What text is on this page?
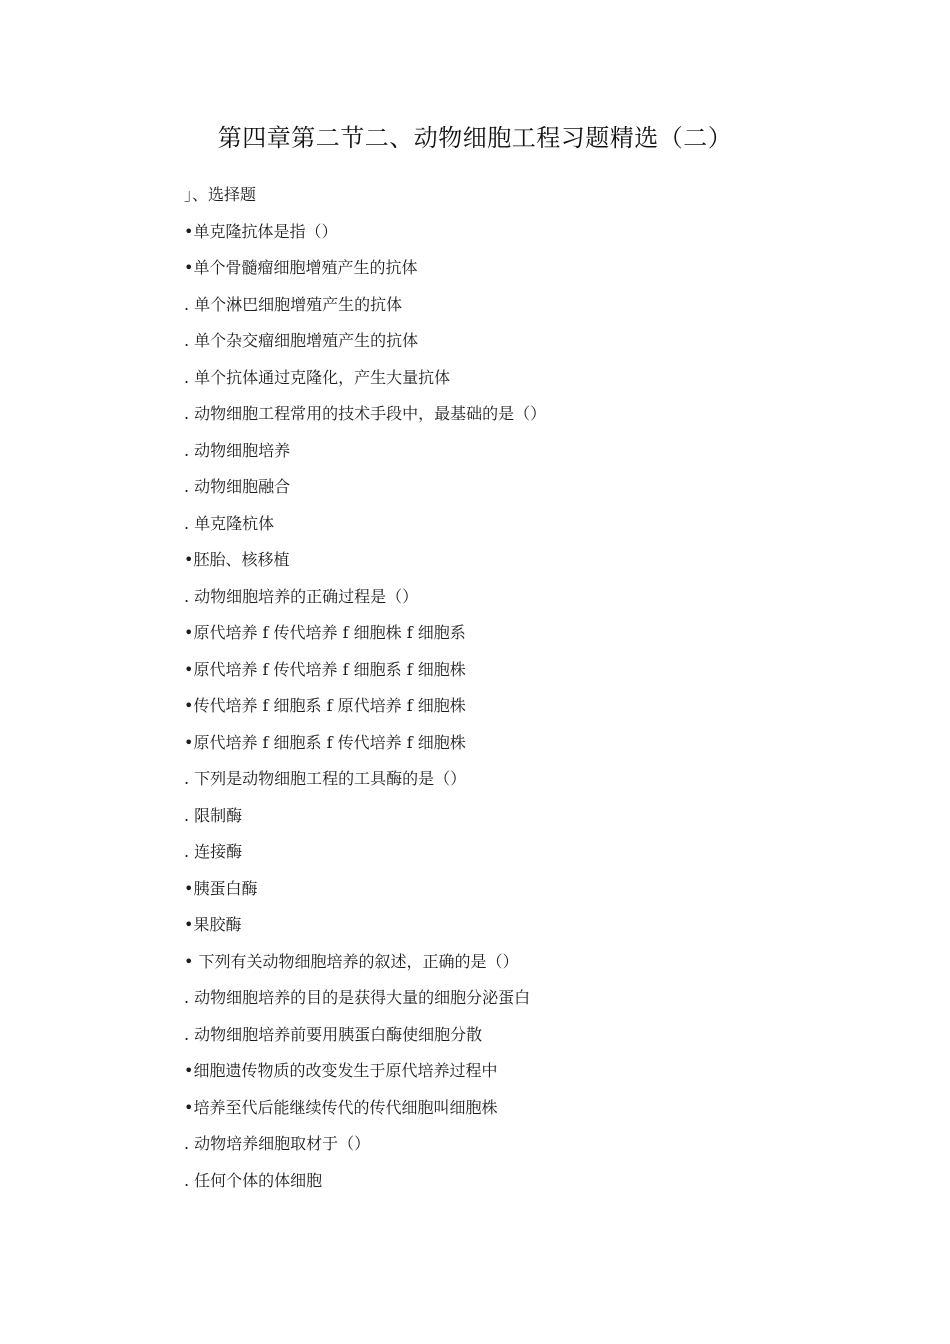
第四章第二节二、动物细胞工程习题精选（二）
」、选择题
•单克隆抗体是指（）
•单个骨髓瘤细胞增殖产生的抗体
. 单个淋巴细胞增殖产生的抗体
. 单个杂交瘤细胞增殖产生的抗体
. 单个抗体通过克隆化，产生大量抗体
. 动物细胞工程常用的技术手段中，最基础的是（）
. 动物细胞培养
. 动物细胞融合
. 单克隆杭体
•胚胎、核移植
. 动物细胞培养的正确过程是（）
•原代培养 f 传代培养 f 细胞株 f 细胞系
•原代培养 f 传代培养 f 细胞系 f 细胞株
•传代培养 f 细胞系 f 原代培养 f 细胞株
•原代培养 f 细胞系 f 传代培养 f 细胞株
. 下列是动物细胞工程的工具酶的是（）
. 限制酶
. 连接酶
•胰蛋白酶
•果胶酶
• 下列有关动物细胞培养的叙述，正确的是（）
. 动物细胞培养的目的是获得大量的细胞分泌蛋白
. 动物细胞培养前要用胰蛋白酶使细胞分散
•细胞遗传物质的改变发生于原代培养过程中
•培养至代后能继续传代的传代细胞叫细胞株
. 动物培养细胞取材于（）
. 任何个体的体细胞
